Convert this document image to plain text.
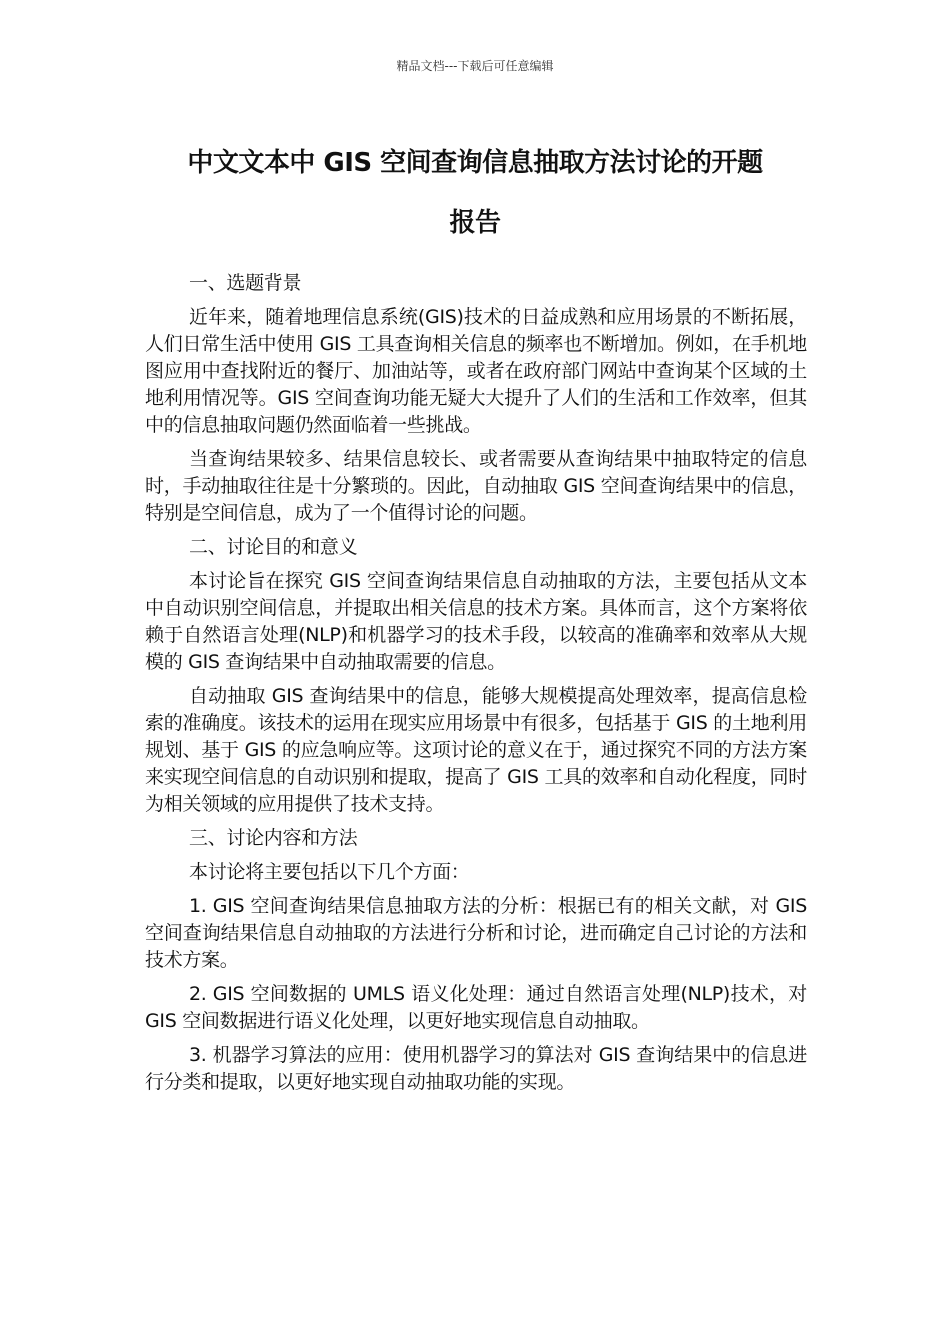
精品文档---下载后可任意编辑
中文文本中 GIS 空间查询信息抽取方法讨论的开题
报告

一、选题背景

近年来，随着地理信息系统(GIS)技术的日益成熟和应用场景的不断拓展，人们日常生活中使用 GIS 工具查询相关信息的频率也不断增加。例如，在手机地图应用中查找附近的餐厅、加油站等，或者在政府部门网站中查询某个区域的土地利用情况等。GIS 空间查询功能无疑大大提升了人们的生活和工作效率，但其中的信息抽取问题仍然面临着一些挑战。

当查询结果较多、结果信息较长、或者需要从查询结果中抽取特定的信息时，手动抽取往往是十分繁琐的。因此，自动抽取 GIS 空间查询结果中的信息，特别是空间信息，成为了一个值得讨论的问题。

二、讨论目的和意义

本讨论旨在探究 GIS 空间查询结果信息自动抽取的方法，主要包括从文本中自动识别空间信息，并提取出相关信息的技术方案。具体而言，这个方案将依赖于自然语言处理(NLP)和机器学习的技术手段，以较高的准确率和效率从大规模的 GIS 查询结果中自动抽取需要的信息。

自动抽取 GIS 查询结果中的信息，能够大规模提高处理效率，提高信息检索的准确度。该技术的运用在现实应用场景中有很多，包括基于 GIS 的土地利用规划、基于 GIS 的应急响应等。这项讨论的意义在于，通过探究不同的方法方案来实现空间信息的自动识别和提取，提高了 GIS 工具的效率和自动化程度，同时为相关领域的应用提供了技术支持。

三、讨论内容和方法

本讨论将主要包括以下几个方面：

1. GIS 空间查询结果信息抽取方法的分析：根据已有的相关文献，对 GIS 空间查询结果信息自动抽取的方法进行分析和讨论，进而确定自己讨论的方法和技术方案。

2. GIS 空间数据的 UMLS 语义化处理：通过自然语言处理(NLP)技术，对 GIS 空间数据进行语义化处理，以更好地实现信息自动抽取。

3. 机器学习算法的应用：使用机器学习的算法对 GIS 查询结果中的信息进行分类和提取，以更好地实现自动抽取功能的实现。
